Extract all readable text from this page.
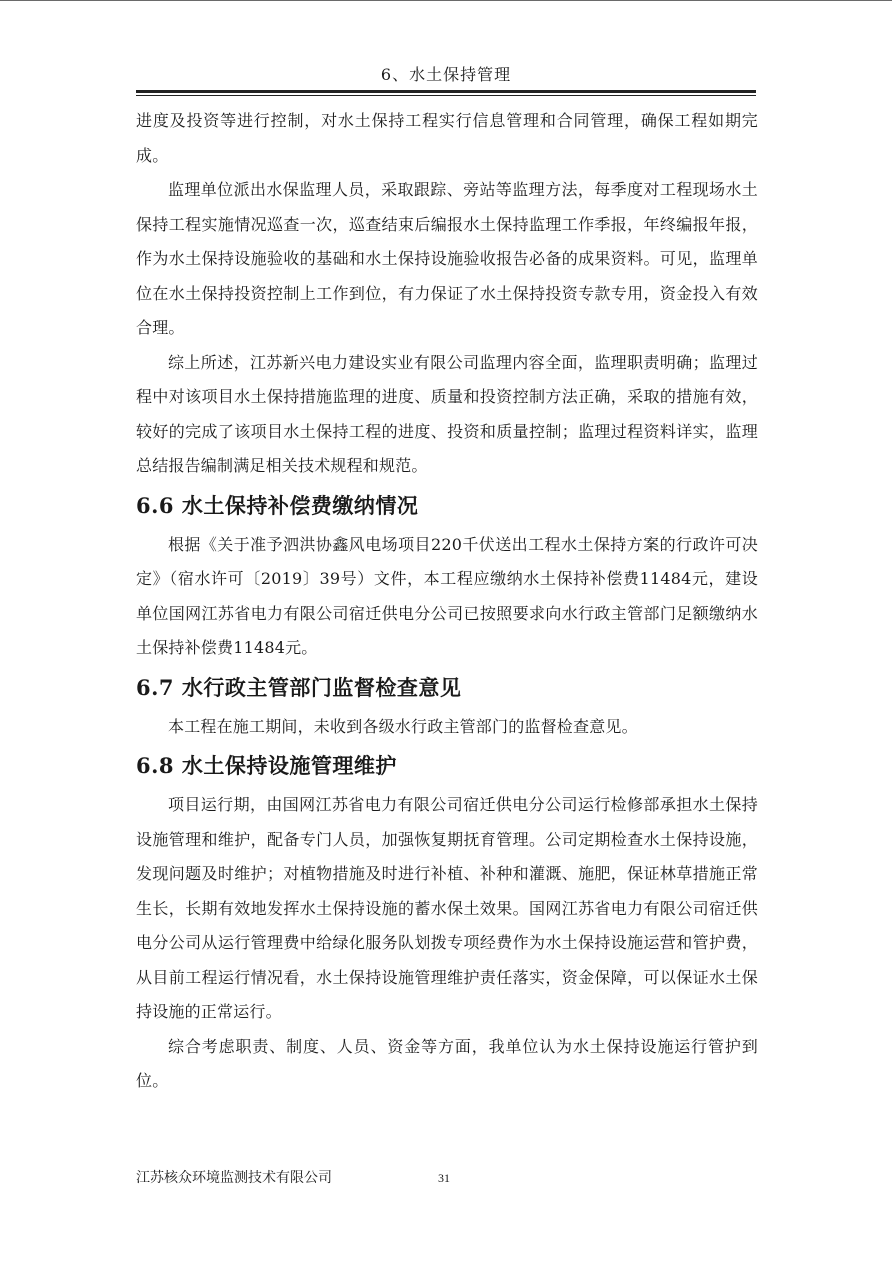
6、水土保持管理

进度及投资等进行控制，对水土保持工程实行信息管理和合同管理，确保工程如期完成。

监理单位派出水保监理人员，采取跟踪、旁站等监理方法，每季度对工程现场水土保持工程实施情况巡查一次，巡查结束后编报水土保持监理工作季报，年终编报年报，作为水土保持设施验收的基础和水土保持设施验收报告必备的成果资料。可见，监理单位在水土保持投资控制上工作到位，有力保证了水土保持投资专款专用，资金投入有效合理。

综上所述，江苏新兴电力建设实业有限公司监理内容全面，监理职责明确；监理过程中对该项目水土保持措施监理的进度、质量和投资控制方法正确，采取的措施有效，较好的完成了该项目水土保持工程的进度、投资和质量控制；监理过程资料详实，监理总结报告编制满足相关技术规程和规范。

6.6 水土保持补偿费缴纳情况

根据《关于准予泗洪协鑫风电场项目220千伏送出工程水土保持方案的行政许可决定》（宿水许可〔2019〕39号）文件，本工程应缴纳水土保持补偿费11484元，建设单位国网江苏省电力有限公司宿迁供电分公司已按照要求向水行政主管部门足额缴纳水土保持补偿费11484元。

6.7 水行政主管部门监督检查意见

本工程在施工期间，未收到各级水行政主管部门的监督检查意见。

6.8 水土保持设施管理维护

项目运行期，由国网江苏省电力有限公司宿迁供电分公司运行检修部承担水土保持设施管理和维护，配备专门人员，加强恢复期抚育管理。公司定期检查水土保持设施，发现问题及时维护；对植物措施及时进行补植、补种和灌溉、施肥，保证林草措施正常生长，长期有效地发挥水土保持设施的蓄水保土效果。国网江苏省电力有限公司宿迁供电分公司从运行管理费中给绿化服务队划拨专项经费作为水土保持设施运营和管护费，从目前工程运行情况看，水土保持设施管理维护责任落实，资金保障，可以保证水土保持设施的正常运行。

综合考虑职责、制度、人员、资金等方面，我单位认为水土保持设施运行管护到位。

江苏核众环境监测技术有限公司	31
